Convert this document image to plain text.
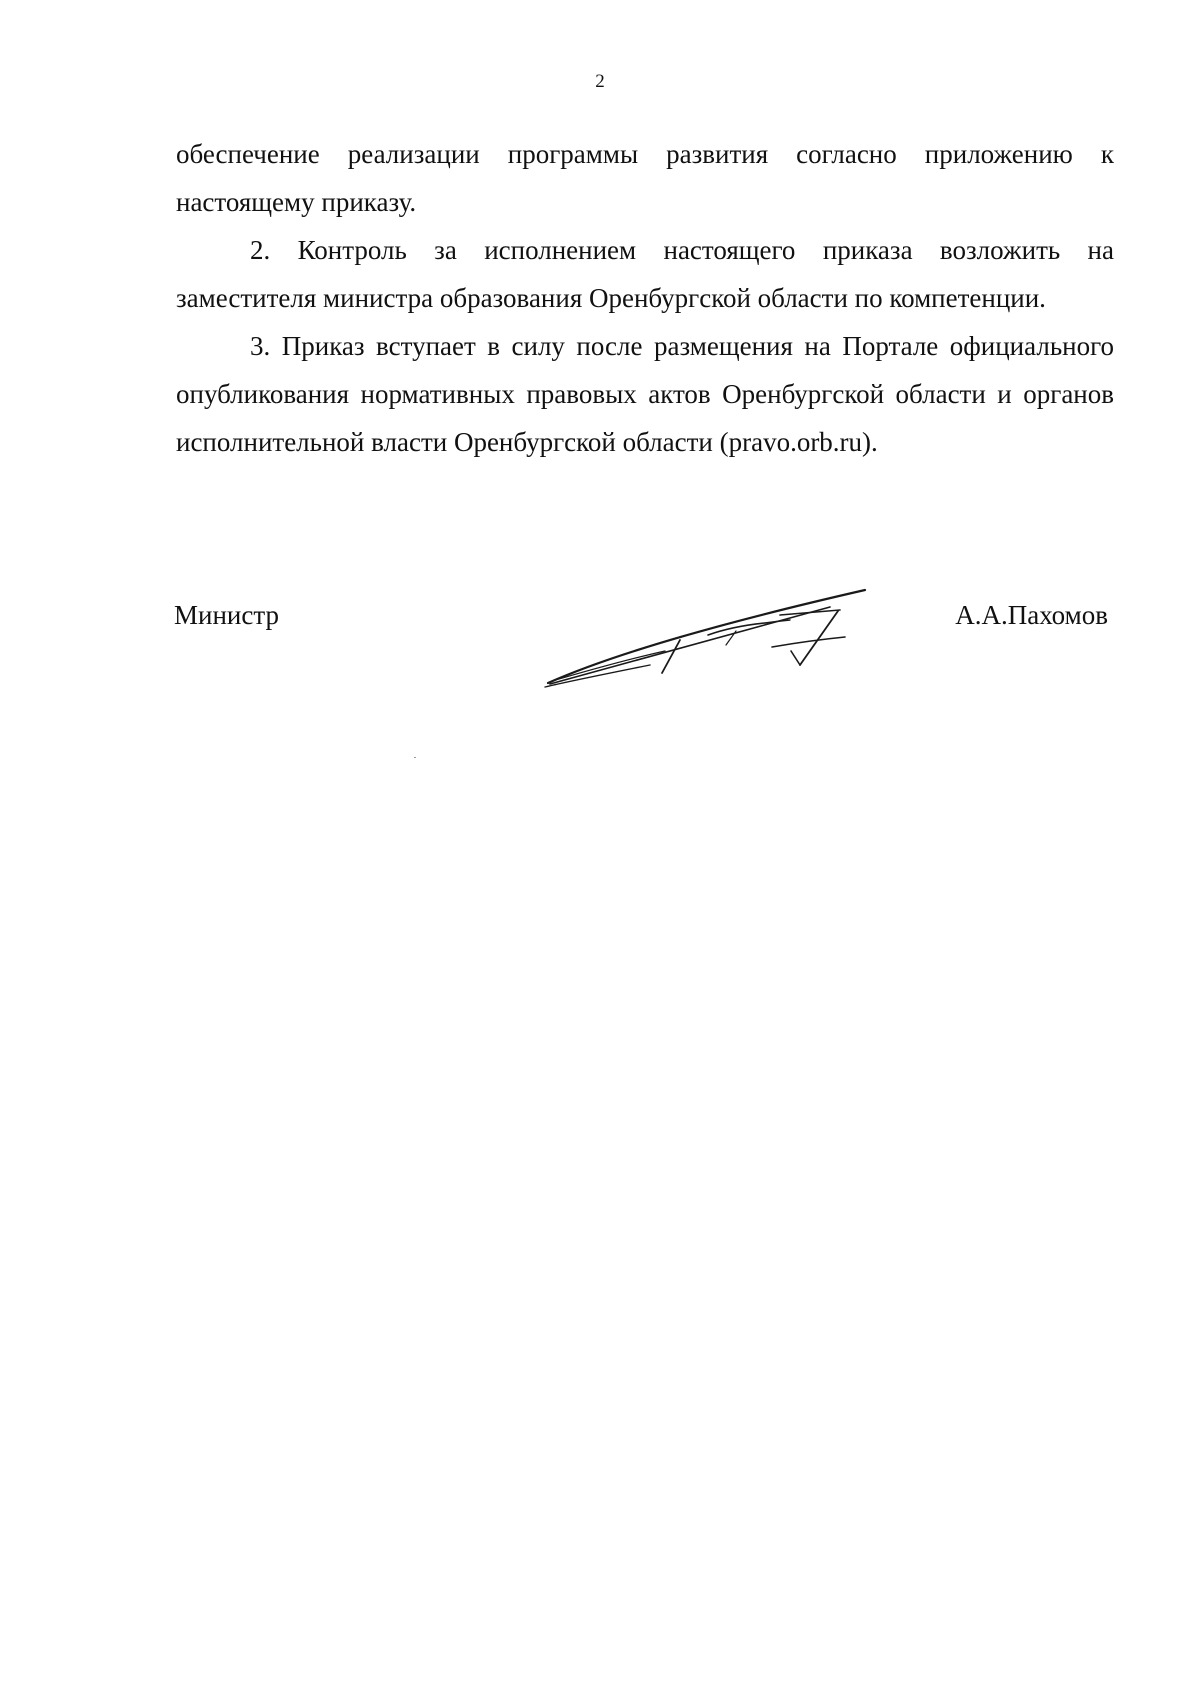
2

обеспечение реализации программы развития согласно приложению к настоящему приказу.

2. Контроль за исполнением настоящего приказа возложить на заместителя министра образования Оренбургской области по компетенции.

3. Приказ вступает в силу после размещения на Портале официального опубликования нормативных правовых актов Оренбургской области и органов исполнительной власти Оренбургской области (pravo.orb.ru).

Министр	А.А.Пахомов
